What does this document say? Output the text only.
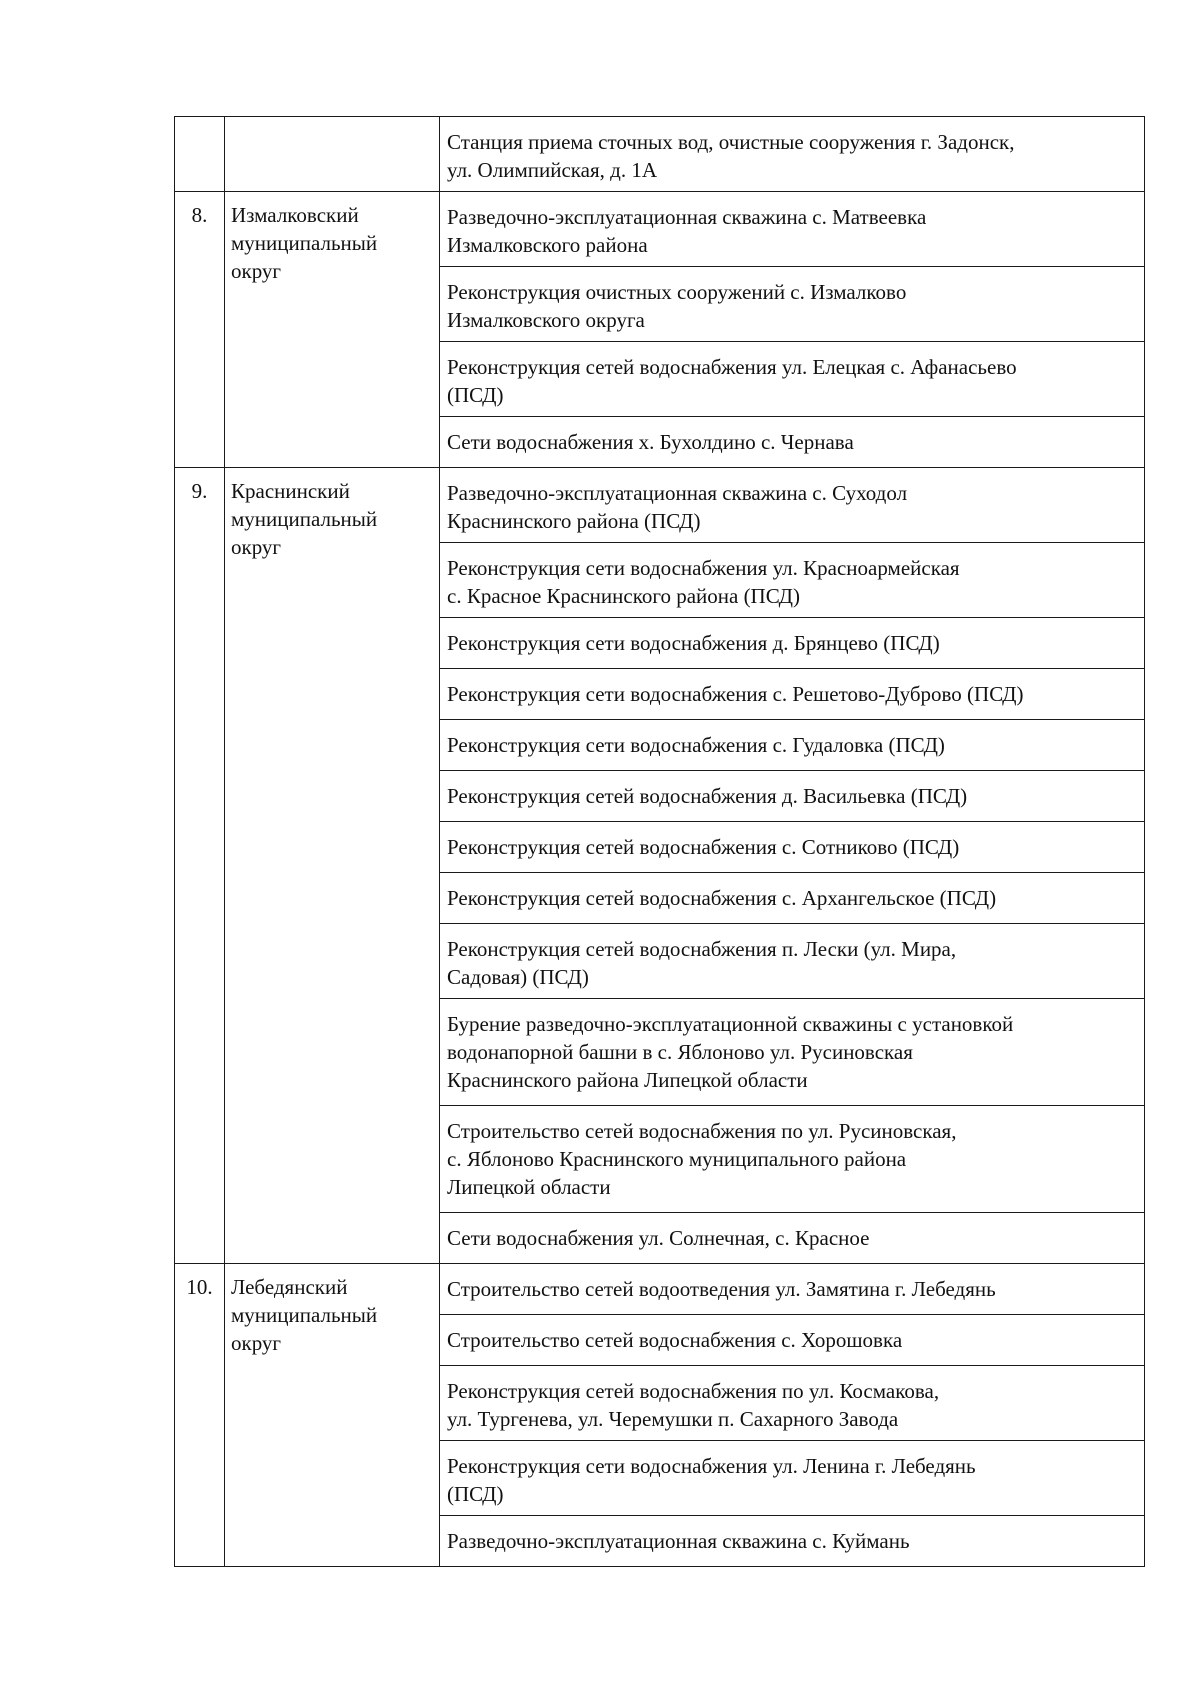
		Станция приема сточных вод, очистные сооружения г. Задонск,
ул. Олимпийская, д. 1А

8.	Измалковский
муниципальный
округ	Разведочно-эксплуатационная скважина с. Матвеевка
Измалковского района

		Реконструкция очистных сооружений с. Измалково
Измалковского округа

		Реконструкция сетей водоснабжения ул. Елецкая с. Афанасьево
(ПСД)

		Сети водоснабжения х. Бухолдино с. Чернава

9.	Краснинский
муниципальный
округ	Разведочно-эксплуатационная скважина с. Суходол
Краснинского района (ПСД)

		Реконструкция сети водоснабжения ул. Красноармейская
с. Красное Краснинского района (ПСД)

		Реконструкция сети водоснабжения д. Брянцево (ПСД)

		Реконструкция сети водоснабжения с. Решетово-Дуброво (ПСД)

		Реконструкция сети водоснабжения с. Гудаловка (ПСД)

		Реконструкция сетей водоснабжения д. Васильевка (ПСД)

		Реконструкция сетей водоснабжения с. Сотниково (ПСД)

		Реконструкция сетей водоснабжения с. Архангельское (ПСД)

		Реконструкция сетей водоснабжения п. Лески (ул. Мира,
Садовая) (ПСД)

		Бурение разведочно-эксплуатационной скважины с установкой
водонапорной башни в с. Яблоново ул. Русиновская
Краснинского района Липецкой области

		Строительство сетей водоснабжения по ул. Русиновская,
с. Яблоново Краснинского муниципального района
Липецкой области

		Сети водоснабжения ул. Солнечная, с. Красное

10.	Лебедянский
муниципальный
округ	Строительство сетей водоотведения ул. Замятина г. Лебедянь

		Строительство сетей водоснабжения с. Хорошовка

		Реконструкция сетей водоснабжения по ул. Космакова,
ул. Тургенева, ул. Черемушки п. Сахарного Завода

		Реконструкция сети водоснабжения ул. Ленина г. Лебедянь
(ПСД)

		Разведочно-эксплуатационная скважина с. Куймань
